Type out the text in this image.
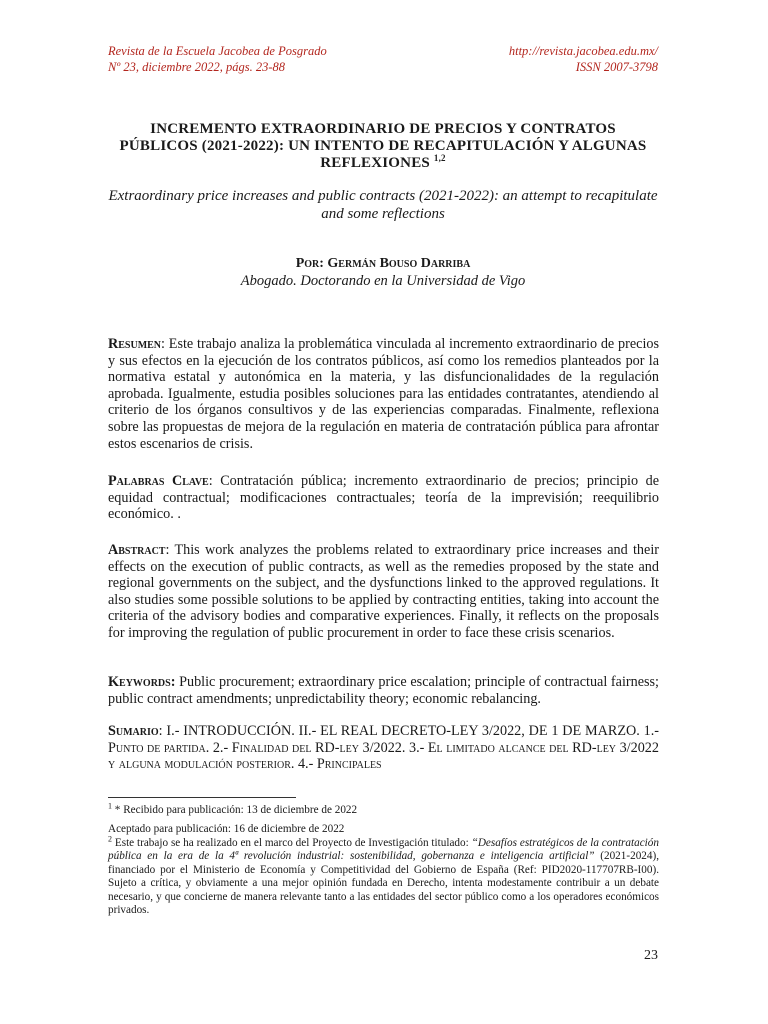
Revista de la Escuela Jacobea de Posgrado
Nº 23, diciembre 2022, págs. 23-88
http://revista.jacobea.edu.mx/
ISSN 2007-3798
INCREMENTO EXTRAORDINARIO DE PRECIOS Y CONTRATOS
PÚBLICOS (2021-2022): UN INTENTO DE RECAPITULACIÓN Y ALGUNAS
REFLEXIONES $^{1,2}$
Extraordinary price increases and public contracts (2021-2022): an attempt to recapitulate and some reflections
Por: Germán Bouso Darriba
Abogado. Doctorando en la Universidad de Vigo
Resumen: Este trabajo analiza la problemática vinculada al incremento extraordinario de precios y sus efectos en la ejecución de los contratos públicos, así como los remedios planteados por la normativa estatal y autonómica en la materia, y las disfuncionalidades de la regulación aprobada. Igualmente, estudia posibles soluciones para las entidades contratantes, atendiendo al criterio de los órganos consultivos y de las experiencias comparadas. Finalmente, reflexiona sobre las propuestas de mejora de la regulación en materia de contratación pública para afrontar estos escenarios de crisis.
Palabras Clave: Contratación pública; incremento extraordinario de precios; principio de equidad contractual; modificaciones contractuales; teoría de la imprevisión; reequilibrio económico. .
Abstract: This work analyzes the problems related to extraordinary price increases and their effects on the execution of public contracts, as well as the remedies proposed by the state and regional governments on the subject, and the dysfunctions linked to the approved regulations. It also studies some possible solutions to be applied by contracting entities, taking into account the criteria of the advisory bodies and comparative experiences. Finally, it reflects on the proposals for improving the regulation of public procurement in order to face these crisis scenarios.
Keywords: Public procurement; extraordinary price escalation; principle of contractual fairness; public contract amendments; unpredictability theory; economic rebalancing.
Sumario: I.- INTRODUCCIÓN. II.- EL REAL DECRETO-LEY 3/2022, DE 1 DE MARZO. 1.- Punto de partida. 2.- Finalidad del RD-ley 3/2022. 3.- El limitado alcance del RD-ley 3/2022 y alguna modulación posterior. 4.- Principales
$^1$ * Recibido para publicación: 13 de diciembre de 2022
Aceptado para publicación: 16 de diciembre de 2022
$^2$ Este trabajo se ha realizado en el marco del Proyecto de Investigación titulado: “Desafíos estratégicos de la contratación pública en la era de la 4ª revolución industrial: sostenibilidad, gobernanza e inteligencia artificial” (2021-2024), financiado por el Ministerio de Economía y Competitividad del Gobierno de España (Ref: PID2020-117707RB-I00). Sujeto a crítica, y obviamente a una mejor opinión fundada en Derecho, intenta modestamente contribuir a un debate necesario, y que concierne de manera relevante tanto a las entidades del sector público como a los operadores económicos privados.
23
